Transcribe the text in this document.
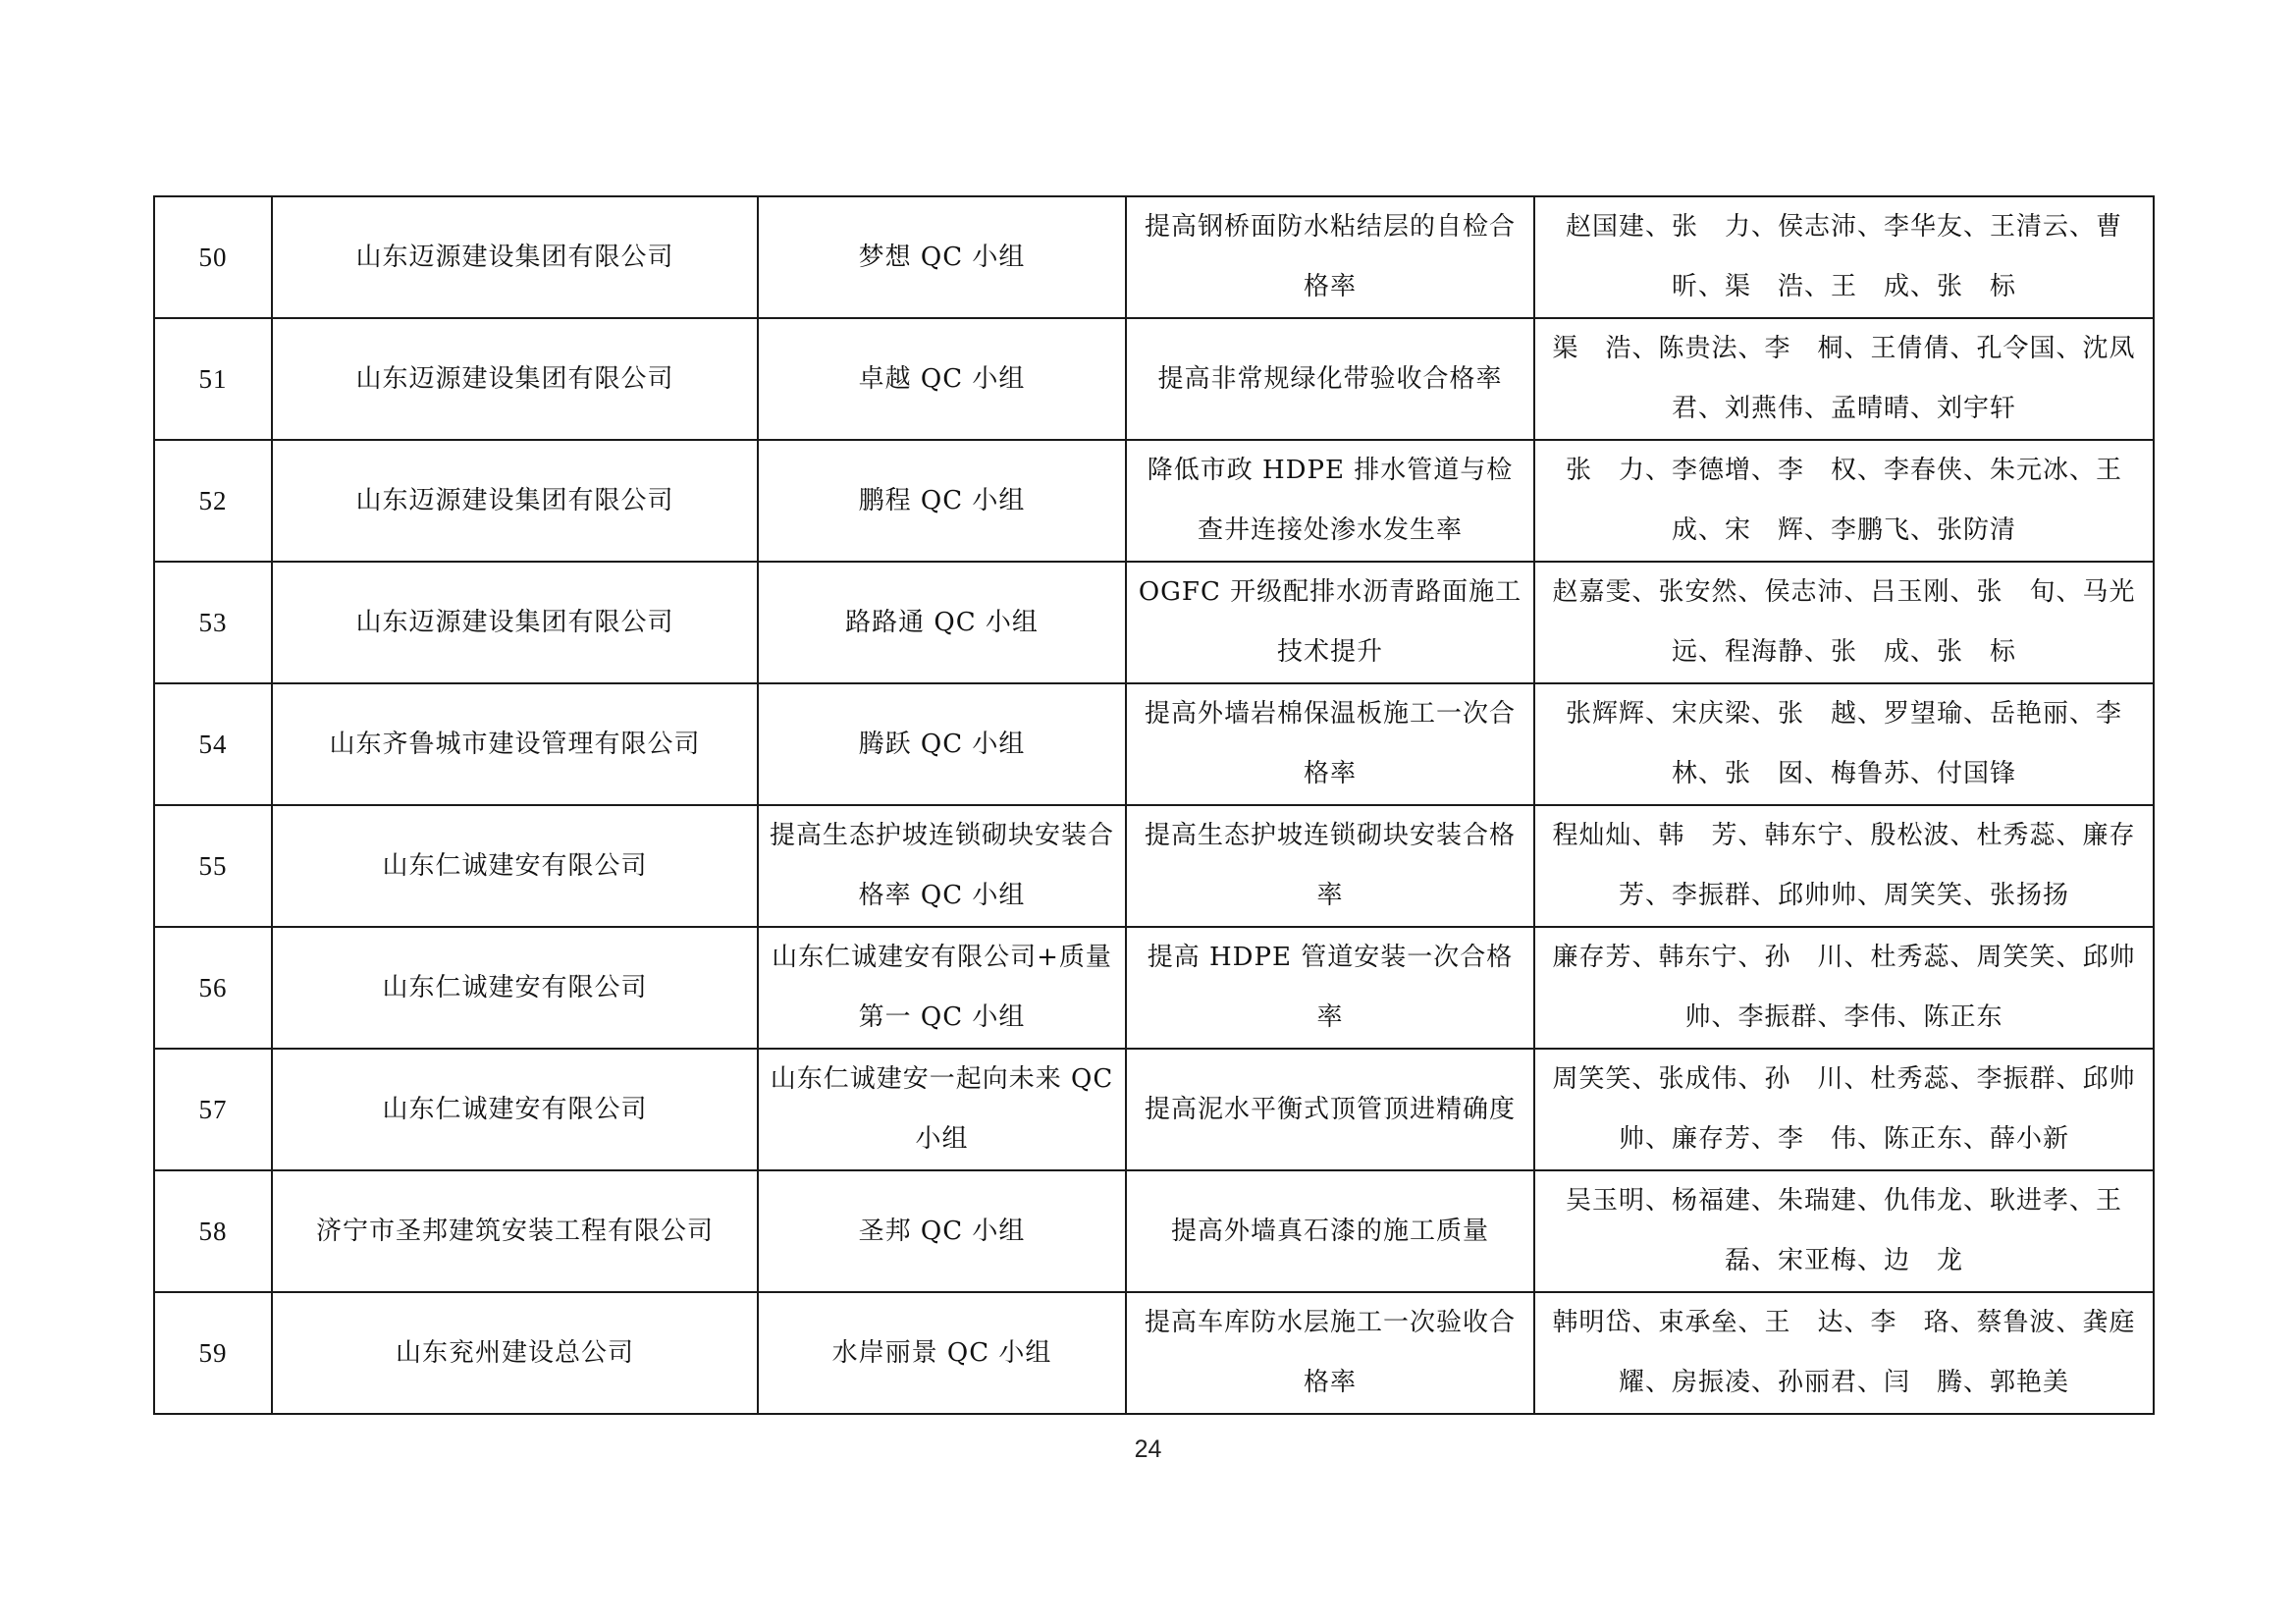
50	山东迈源建设集团有限公司	梦想 QC 小组	提高钢桥面防水粘结层的自检合格率	赵国建、张　力、侯志沛、李华友、王清云、曹　昕、渠　浩、王　成、张　标
51	山东迈源建设集团有限公司	卓越 QC 小组	提高非常规绿化带验收合格率	渠　浩、陈贵法、李　桐、王倩倩、孔令国、沈凤君、刘燕伟、孟晴晴、刘宇轩
52	山东迈源建设集团有限公司	鹏程 QC 小组	降低市政 HDPE 排水管道与检查井连接处渗水发生率	张　力、李德增、李　权、李春侠、朱元冰、王　成、宋　辉、李鹏飞、张防清
53	山东迈源建设集团有限公司	路路通 QC 小组	OGFC 开级配排水沥青路面施工技术提升	赵嘉雯、张安然、侯志沛、吕玉刚、张　旬、马光远、程海静、张　成、张　标
54	山东齐鲁城市建设管理有限公司	腾跃 QC 小组	提高外墙岩棉保温板施工一次合格率	张辉辉、宋庆梁、张　越、罗望瑜、岳艳丽、李　林、张　囡、梅鲁苏、付国锋
55	山东仁诚建安有限公司	提高生态护坡连锁砌块安装合格率 QC 小组	提高生态护坡连锁砌块安装合格率	程灿灿、韩　芳、韩东宁、殷松波、杜秀蕊、廉存芳、李振群、邱帅帅、周笑笑、张扬扬
56	山东仁诚建安有限公司	山东仁诚建安有限公司+质量第一 QC 小组	提高 HDPE 管道安装一次合格率	廉存芳、韩东宁、孙　川、杜秀蕊、周笑笑、邱帅帅、李振群、李伟、陈正东
57	山东仁诚建安有限公司	山东仁诚建安一起向未来 QC 小组	提高泥水平衡式顶管顶进精确度	周笑笑、张成伟、孙　川、杜秀蕊、李振群、邱帅帅、廉存芳、李　伟、陈正东、薛小新
58	济宁市圣邦建筑安装工程有限公司	圣邦 QC 小组	提高外墙真石漆的施工质量	吴玉明、杨福建、朱瑞建、仇伟龙、耿进孝、王　磊、宋亚梅、边　龙
59	山东兖州建设总公司	水岸丽景 QC 小组	提高车库防水层施工一次验收合格率	韩明岱、束承垒、王　达、李　珞、蔡鲁波、龚庭耀、房振凌、孙丽君、闫　腾、郭艳美
24
